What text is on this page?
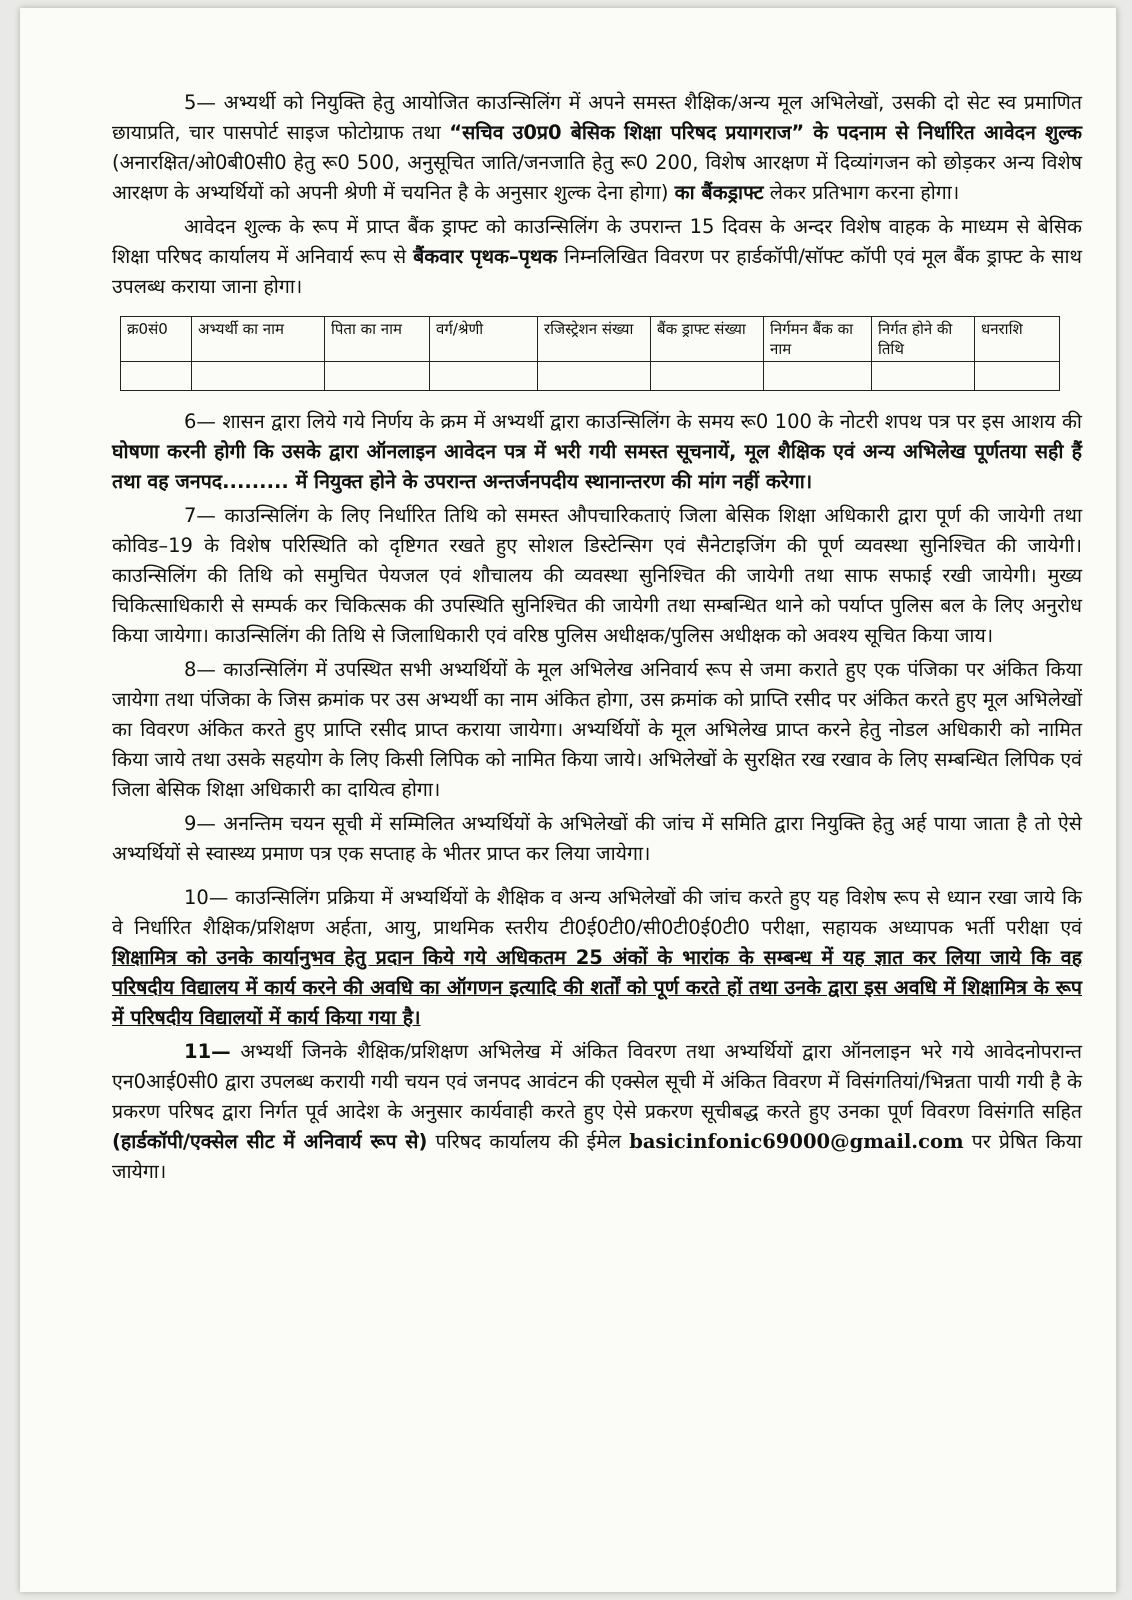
5— अभ्यर्थी को नियुक्ति हेतु आयोजित काउन्सिलिंग में अपने समस्त शैक्षिक/अन्य मूल अभिलेखों, उसकी दो सेट स्व प्रमाणित छायाप्रति, चार पासपोर्ट साइज फोटोग्राफ तथा “सचिव उ0प्र0 बेसिक शिक्षा परिषद प्रयागराज” के पदनाम से निर्धारित आवेदन शुल्क (अनारक्षित/ओ0बी0सी0 हेतु रू0 500, अनुसूचित जाति/जनजाति हेतु रू0 200, विशेष आरक्षण में दिव्यांगजन को छोड़कर अन्य विशेष आरक्षण के अभ्यर्थियों को अपनी श्रेणी में चयनित है के अनुसार शुल्क देना होगा) का बैंकड्राफ्ट लेकर प्रतिभाग करना होगा।

आवेदन शुल्क के रूप में प्राप्त बैंक ड्राफ्ट को काउन्सिलिंग के उपरान्त 15 दिवस के अन्दर विशेष वाहक के माध्यम से बेसिक शिक्षा परिषद कार्यालय में अनिवार्य रूप से बैंकवार पृथक–पृथक निम्नलिखित विवरण पर हार्डकॉपी/सॉफ्ट कॉपी एवं मूल बैंक ड्राफ्ट के साथ उपलब्ध कराया जाना होगा।

क्र0सं0	अभ्यर्थी का नाम	पिता का नाम	वर्ग/श्रेणी	रजिस्ट्रेशन संख्या	बैंक ड्राफ्ट संख्या	निर्गमन बैंक का नाम	निर्गत होने की तिथि	धनराशि

6— शासन द्वारा लिये गये निर्णय के क्रम में अभ्यर्थी द्वारा काउन्सिलिंग के समय रू0 100 के नोटरी शपथ पत्र पर इस आशय की घोषणा करनी होगी कि उसके द्वारा ऑनलाइन आवेदन पत्र में भरी गयी समस्त सूचनायें, मूल शैक्षिक एवं अन्य अभिलेख पूर्णतया सही हैं तथा वह जनपद......... में नियुक्त होने के उपरान्त अन्तर्जनपदीय स्थानान्तरण की मांग नहीं करेगा।

7— काउन्सिलिंग के लिए निर्धारित तिथि को समस्त औपचारिकताएं जिला बेसिक शिक्षा अधिकारी द्वारा पूर्ण की जायेगी तथा कोविड–19 के विशेष परिस्थिति को दृष्टिगत रखते हुए सोशल डिस्टेन्सिग एवं सैनेटाइजिंग की पूर्ण व्यवस्था सुनिश्चित की जायेगी। काउन्सिलिंग की तिथि को समुचित पेयजल एवं शौचालय की व्यवस्था सुनिश्चित की जायेगी तथा साफ सफाई रखी जायेगी। मुख्य चिकित्साधिकारी से सम्पर्क कर चिकित्सक की उपस्थिति सुनिश्चित की जायेगी तथा सम्बन्धित थाने को पर्याप्त पुलिस बल के लिए अनुरोध किया जायेगा। काउन्सिलिंग की तिथि से जिलाधिकारी एवं वरिष्ठ पुलिस अधीक्षक/पुलिस अधीक्षक को अवश्य सूचित किया जाय।

8— काउन्सिलिंग में उपस्थित सभी अभ्यर्थियों के मूल अभिलेख अनिवार्य रूप से जमा कराते हुए एक पंजिका पर अंकित किया जायेगा तथा पंजिका के जिस क्रमांक पर उस अभ्यर्थी का नाम अंकित होगा, उस क्रमांक को प्राप्ति रसीद पर अंकित करते हुए मूल अभिलेखों का विवरण अंकित करते हुए प्राप्ति रसीद प्राप्त कराया जायेगा। अभ्यर्थियों के मूल अभिलेख प्राप्त करने हेतु नोडल अधिकारी को नामित किया जाये तथा उसके सहयोग के लिए किसी लिपिक को नामित किया जाये। अभिलेखों के सुरक्षित रख रखाव के लिए सम्बन्धित लिपिक एवं जिला बेसिक शिक्षा अधिकारी का दायित्व होगा।

9— अनन्तिम चयन सूची में सम्मिलित अभ्यर्थियों के अभिलेखों की जांच में समिति द्वारा नियुक्ति हेतु अर्ह पाया जाता है तो ऐसे अभ्यर्थियों से स्वास्थ्य प्रमाण पत्र एक सप्ताह के भीतर प्राप्त कर लिया जायेगा।

10— काउन्सिलिंग प्रक्रिया में अभ्यर्थियों के शैक्षिक व अन्य अभिलेखों की जांच करते हुए यह विशेष रूप से ध्यान रखा जाये कि वे निर्धारित शैक्षिक/प्रशिक्षण अर्हता, आयु, प्राथमिक स्तरीय टी0ई0टी0/सी0टी0ई0टी0 परीक्षा, सहायक अध्यापक भर्ती परीक्षा एवं शिक्षामित्र को उनके कार्यानुभव हेतु प्रदान किये गये अधिकतम 25 अंकों के भारांक के सम्बन्ध में यह ज्ञात कर लिया जाये कि वह परिषदीय विद्यालय में कार्य करने की अवधि का ऑगणन इत्यादि की शर्तों को पूर्ण करते हों तथा उनके द्वारा इस अवधि में शिक्षामित्र के रूप में परिषदीय विद्यालयों में कार्य किया गया है।

11— अभ्यर्थी जिनके शैक्षिक/प्रशिक्षण अभिलेख में अंकित विवरण तथा अभ्यर्थियों द्वारा ऑनलाइन भरे गये आवेदनोपरान्त एन0आई0सी0 द्वारा उपलब्ध करायी गयी चयन एवं जनपद आवंटन की एक्सेल सूची में अंकित विवरण में विसंगतियां/भिन्नता पायी गयी है के प्रकरण परिषद द्वारा निर्गत पूर्व आदेश के अनुसार कार्यवाही करते हुए ऐसे प्रकरण सूचीबद्ध करते हुए उनका पूर्ण विवरण विसंगति सहित (हार्डकॉपी/एक्सेल सीट में अनिवार्य रूप से) परिषद कार्यालय की ईमेल basicinfonic69000@gmail.com पर प्रेषित किया जायेगा।
